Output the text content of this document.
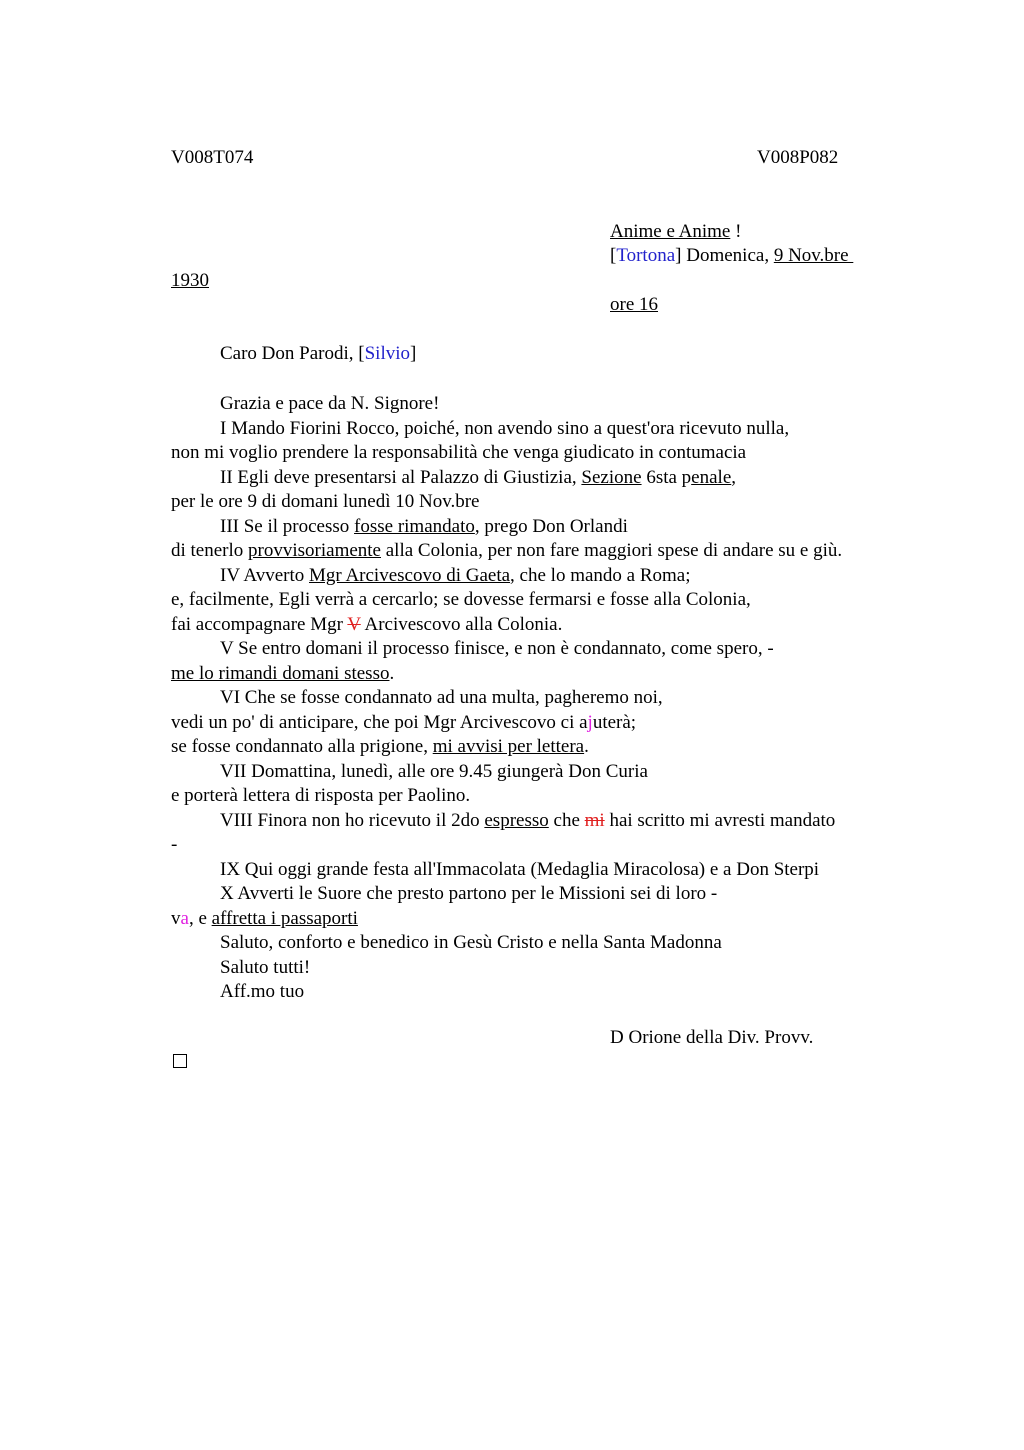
V008T074	V008P082
Anime e Anime !
[Tortona] Domenica, 9 Nov.bre
1930
ore 16
Caro Don Parodi, [Silvio]
Grazia e pace da N. Signore!
I Mando Fiorini Rocco, poiché, non avendo sino a quest'ora ricevuto nulla,
non mi voglio prendere la responsabilità che venga giudicato in contumacia
II Egli deve presentarsi al Palazzo di Giustizia, Sezione 6sta penale,
per le ore 9 di domani lunedì 10 Nov.bre
III Se il processo fosse rimandato, prego Don Orlandi
di tenerlo provvisoriamente alla Colonia, per non fare maggiori spese di andare su e giù.
IV Avverto Mgr Arcivescovo di Gaeta, che lo mando a Roma;
e, facilmente, Egli verrà a cercarlo; se dovesse fermarsi e fosse alla Colonia,
fai accompagnare Mgr V Arcivescovo alla Colonia.
V Se entro domani il processo finisce, e non è condannato, come spero, -
me lo rimandi domani stesso.
VI Che se fosse condannato ad una multa, pagheremo noi,
vedi un po' di anticipare, che poi Mgr Arcivescovo ci ajuterà;
se fosse condannato alla prigione, mi avvisi per lettera.
VII Domattina, lunedì, alle ore 9.45 giungerà Don Curia
e porterà lettera di risposta per Paolino.
VIII Finora non ho ricevuto il 2do espresso che mi hai scritto mi avresti mandato
-
IX Qui oggi grande festa all'Immacolata (Medaglia Miracolosa) e a Don Sterpi
X Avverti le Suore che presto partono per le Missioni sei di loro -
va, e affretta i passaporti
Saluto, conforto e benedico in Gesù Cristo e nella Santa Madonna
Saluto tutti!
Aff.mo tuo
D Orione della Div. Provv.
